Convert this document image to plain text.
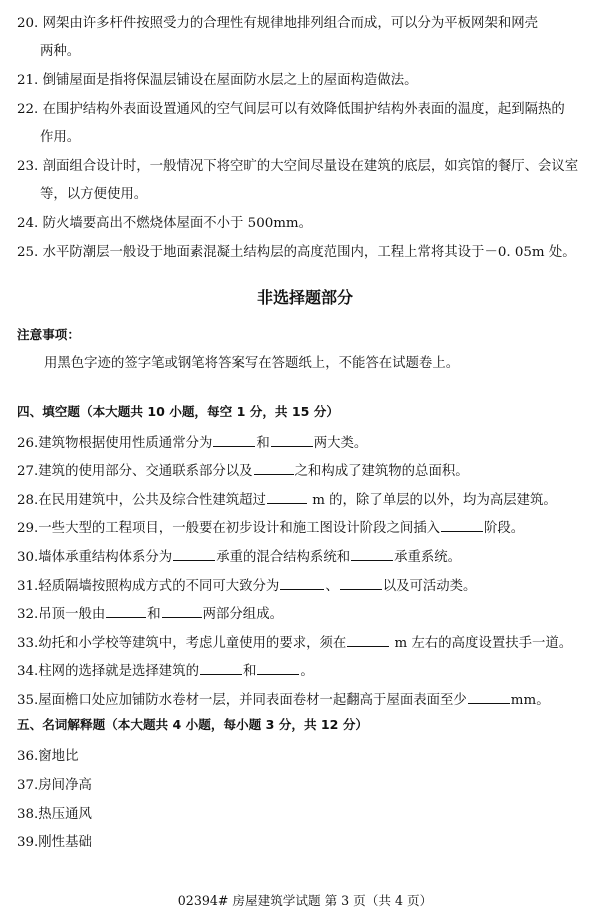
20. 网架由许多杆件按照受力的合理性有规律地排列组合而成，可以分为平板网架和网壳
两种。
21. 倒铺屋面是指将保温层铺设在屋面防水层之上的屋面构造做法。
22. 在围护结构外表面设置通风的空气间层可以有效降低围护结构外表面的温度，起到隔热的
作用。
23. 剖面组合设计时，一般情况下将空旷的大空间尽量设在建筑的底层，如宾馆的餐厅、会议室
等，以方便使用。
24. 防火墙要高出不燃烧体屋面不小于 500mm。
25. 水平防潮层一般设于地面素混凝土结构层的高度范围内，工程上常将其设于－0. 05m 处。
非选择题部分
注意事项：
用黑色字迹的签字笔或钢笔将答案写在答题纸上，不能答在试题卷上。
四、填空题（本大题共 10 小题，每空 1 分，共 15 分）
26.建筑物根据使用性质通常分为	和	两大类。
27.建筑的使用部分、交通联系部分以及	之和构成了建筑物的总面积。
28.在民用建筑中，公共及综合性建筑超过	m 的，除了单层的以外，均为高层建筑。
29.一些大型的工程项目，一般要在初步设计和施工图设计阶段之间插入	阶段。
30.墙体承重结构体系分为	承重的混合结构系统和	承重系统。
31.轻质隔墙按照构成方式的不同可大致分为	、	以及可活动类。
32.吊顶一般由	和	两部分组成。
33.幼托和小学校等建筑中，考虑儿童使用的要求，须在	m 左右的高度设置扶手一道。
34.柱网的选择就是选择建筑的	和	。
35.屋面檐口处应加铺防水卷材一层，并同表面卷材一起翻高于屋面表面至少	mm。
五、名词解释题（本大题共 4 小题，每小题 3 分，共 12 分）
36.窗地比
37.房间净高
38.热压通风
39.刚性基础
02394# 房屋建筑学试题 第 3 页（共 4 页）
